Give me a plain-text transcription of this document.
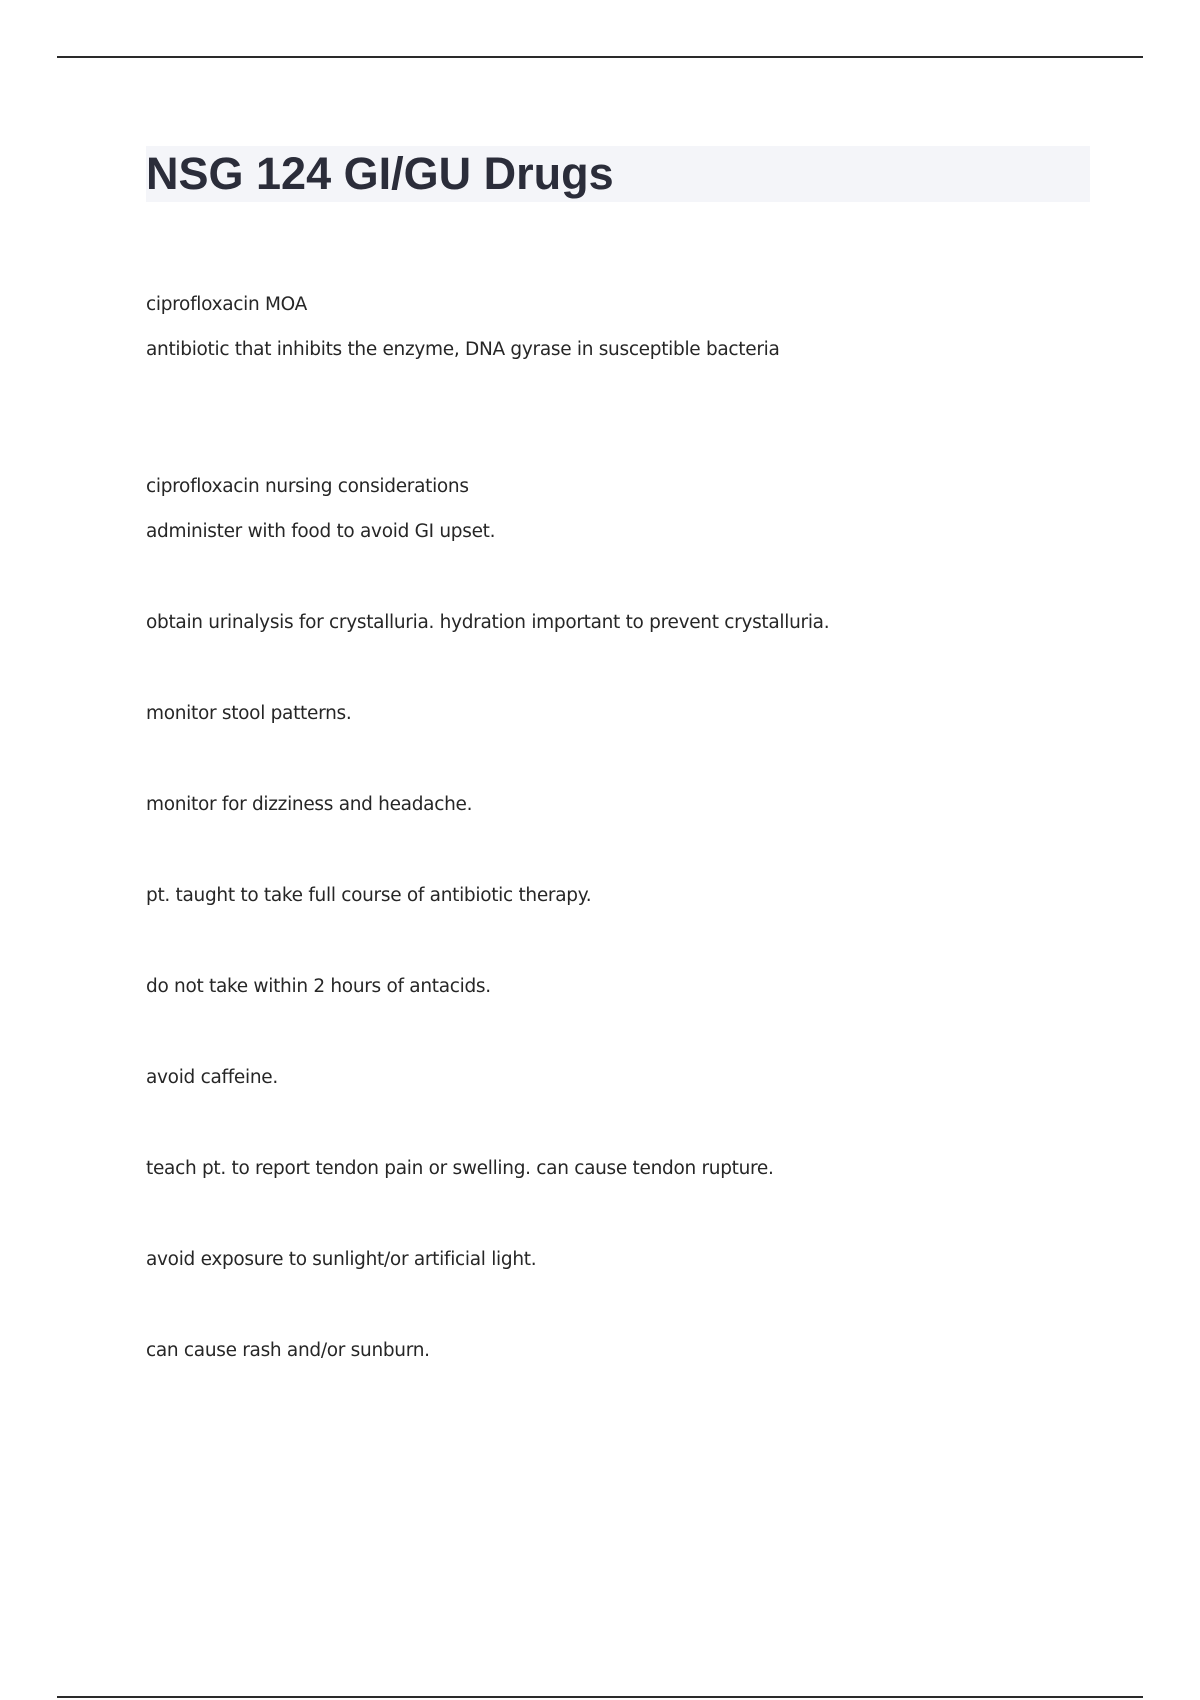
NSG 124 GI/GU Drugs

ciprofloxacin MOA

antibiotic that inhibits the enzyme, DNA gyrase in susceptible bacteria

ciprofloxacin nursing considerations

administer with food to avoid GI upset.

obtain urinalysis for crystalluria. hydration important to prevent crystalluria.

monitor stool patterns.

monitor for dizziness and headache.

pt. taught to take full course of antibiotic therapy.

do not take within 2 hours of antacids.

avoid caffeine.

teach pt. to report tendon pain or swelling. can cause tendon rupture.

avoid exposure to sunlight/or artificial light.

can cause rash and/or sunburn.
